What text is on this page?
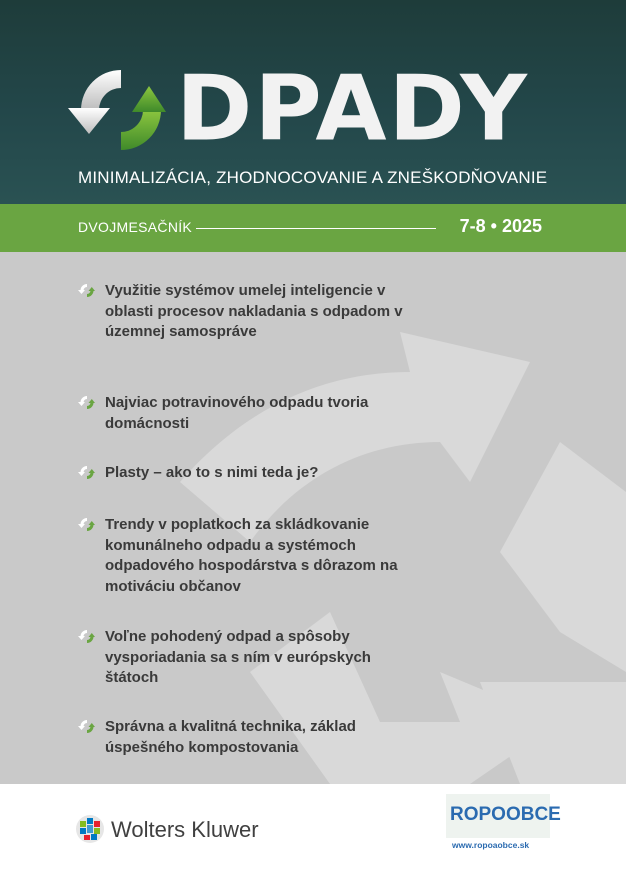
DPADY
MINIMALIZÁCIA, ZHODNOCOVANIE A ZNEŠKODŇOVANIE
DVOJMESAČNÍK	7-8 • 2025
Využitie systémov umelej inteligencie v oblasti procesov nakladania s odpadom v územnej samospráve
Najviac potravinového odpadu tvoria domácnosti
Plasty – ako to s nimi teda je?
Trendy v poplatkoch za skládkovanie komunálneho odpadu a systémoch odpadového hospodárstva s dôrazom na motiváciu občanov
Voľne pohodený odpad a spôsoby vysporiadania sa s ním v európskych štátoch
Správna a kvalitná technika, základ úspešného kompostovania
Wolters Kluwer
ROPOOBCE
www.ropoaobce.sk
